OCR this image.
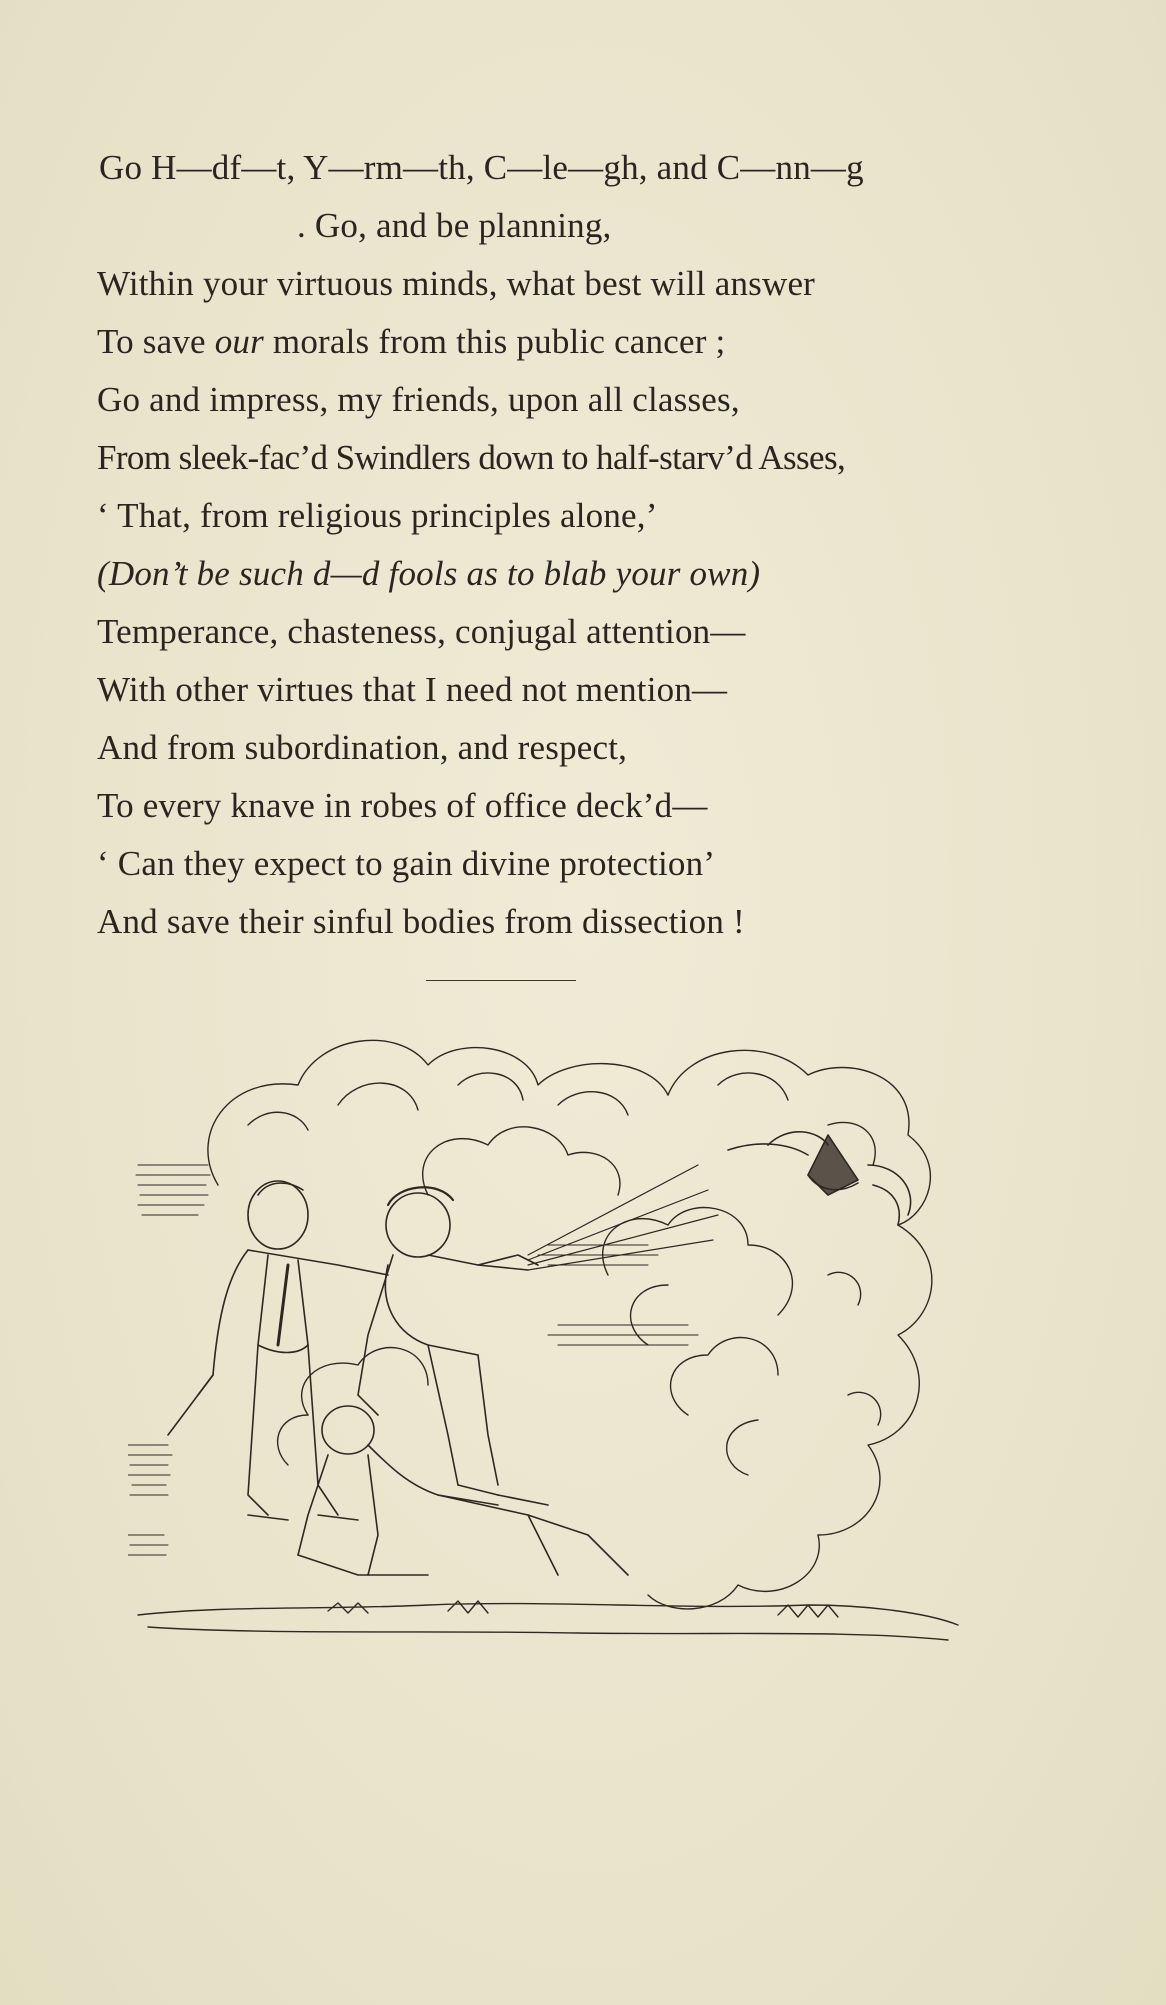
Go H—df—t, Y—rm—th, C—le—gh, and C—nn—g
. Go, and be planning,
Within your virtuous minds, what best will answer
To save our morals from this public cancer ;
Go and impress, my friends, upon all classes,
From sleek-fac’d Swindlers down to half-starv’d Asses,
‘ That, from religious principles alone,’
(Don’t be such d—d fools as to blab your own)
Temperance, chasteness, conjugal attention—
With other virtues that I need not mention—
And from subordination, and respect,
To every knave in robes of office deck’d—
‘ Can they expect to gain divine protection’
And save their sinful bodies from dissection !
